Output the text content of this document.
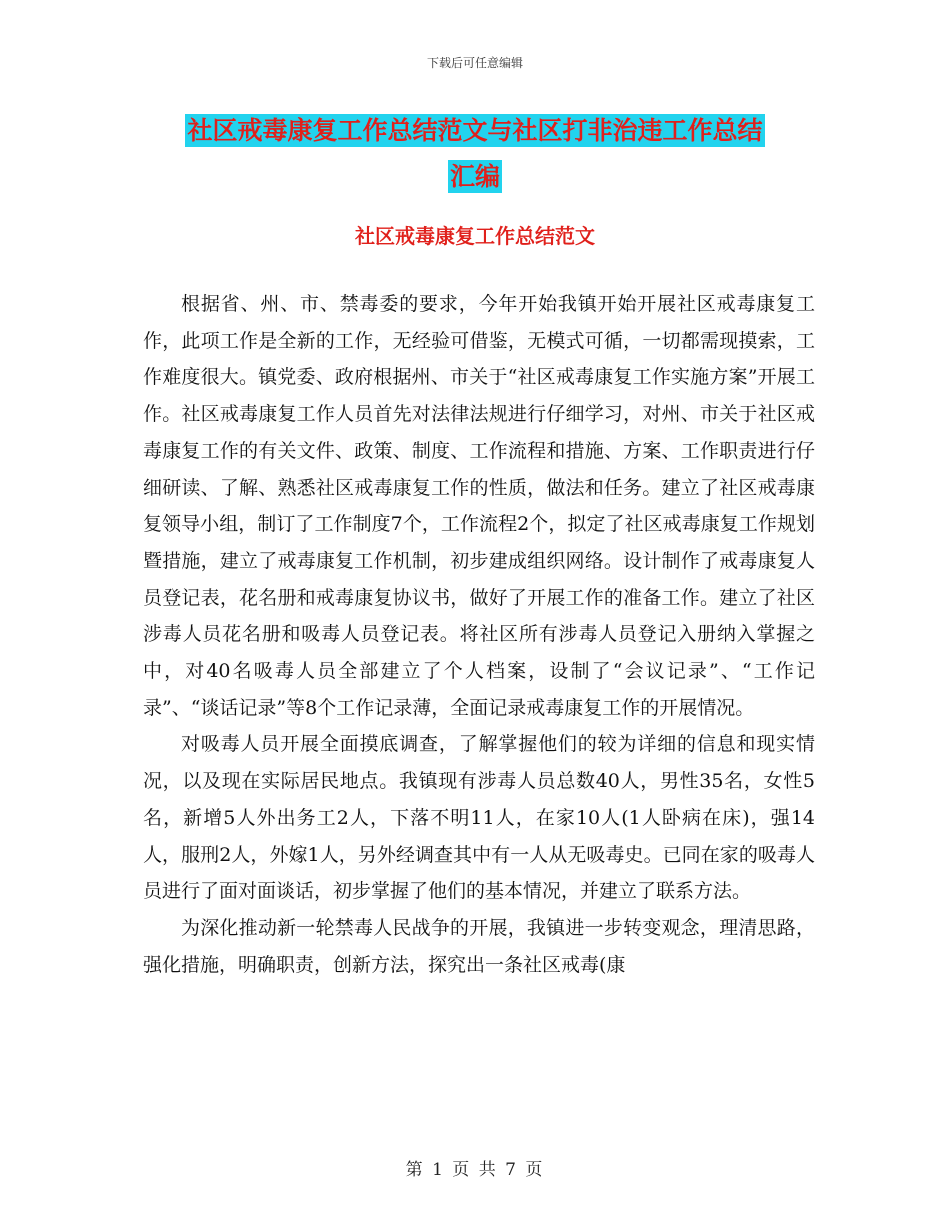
下载后可任意编辑
社区戒毒康复工作总结范文与社区打非治违工作总结
汇编
社区戒毒康复工作总结范文

根据省、州、市、禁毒委的要求，今年开始我镇开始开展社区戒毒康复工作，此项工作是全新的工作，无经验可借鉴，无模式可循，一切都需现摸索，工作难度很大。镇党委、政府根据州、市关于“社区戒毒康复工作实施方案”开展工作。社区戒毒康复工作人员首先对法律法规进行仔细学习，对州、市关于社区戒毒康复工作的有关文件、政策、制度、工作流程和措施、方案、工作职责进行仔细研读、了解、熟悉社区戒毒康复工作的性质，做法和任务。建立了社区戒毒康复领导小组，制订了工作制度7个，工作流程2个，拟定了社区戒毒康复工作规划暨措施，建立了戒毒康复工作机制，初步建成组织网络。设计制作了戒毒康复人员登记表，花名册和戒毒康复协议书，做好了开展工作的准备工作。建立了社区涉毒人员花名册和吸毒人员登记表。将社区所有涉毒人员登记入册纳入掌握之中，对40名吸毒人员全部建立了个人档案，设制了“会议记录”、“工作记录”、“谈话记录”等8个工作记录薄，全面记录戒毒康复工作的开展情况。

对吸毒人员开展全面摸底调查，了解掌握他们的较为详细的信息和现实情况，以及现在实际居民地点。我镇现有涉毒人员总数40人，男性35名，女性5名，新增5人外出务工2人，下落不明11人，在家10人(1人卧病在床)，强14人，服刑2人，外嫁1人，另外经调查其中有一人从无吸毒史。已同在家的吸毒人员进行了面对面谈话，初步掌握了他们的基本情况，并建立了联系方法。

为深化推动新一轮禁毒人民战争的开展，我镇进一步转变观念，理清思路，强化措施，明确职责，创新方法，探究出一条社区戒毒(康

第 1 页 共 7 页
